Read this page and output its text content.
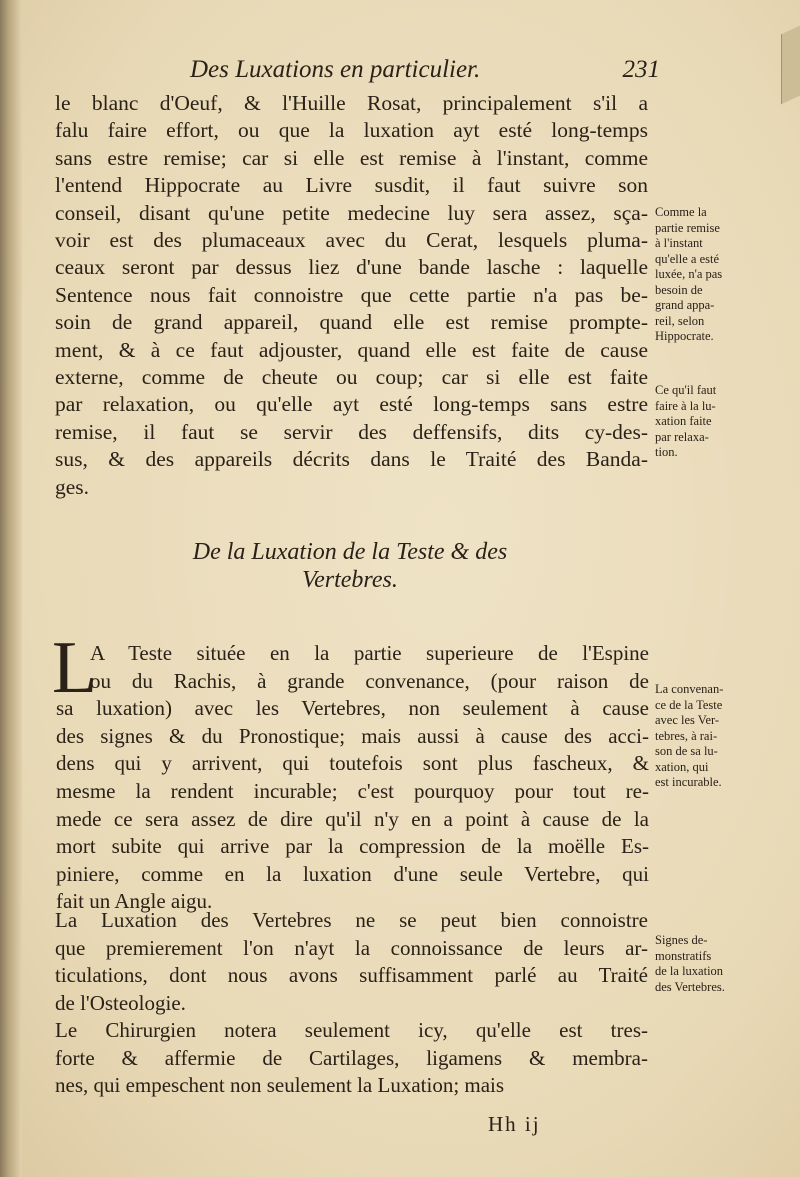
Des Luxations en particulier.	231
le blanc d'Oeuf, & l'Huille Rosat, principalement s'il a
falu faire effort, ou que la luxation ayt esté long-temps
sans estre remise; car si elle est remise à l'instant, comme
l'entend Hippocrate au Livre susdit, il faut suivre son
conseil, disant qu'une petite medecine luy sera assez, sça-
voir est des plumaceaux avec du Cerat, lesquels pluma-
ceaux seront par dessus liez d'une bande lasche : laquelle
Sentence nous fait connoistre que cette partie n'a pas be-
soin de grand appareil, quand elle est remise prompte-
ment, & à ce faut adjouster, quand elle est faite de cause
externe, comme de cheute ou coup; car si elle est faite
par relaxation, ou qu'elle ayt esté long-temps sans estre
remise, il faut se servir des deffensifs, dits cy-des-
sus, & des appareils décrits dans le Traité des Banda-
ges.
De la Luxation de la Teste & des
Vertebres.
L
A Teste située en la partie superieure de l'Espine
ou du Rachis, à grande convenance, (pour raison de
sa luxation) avec les Vertebres, non seulement à cause
des signes & du Pronostique; mais aussi à cause des acci-
dens qui y arrivent, qui toutefois sont plus fascheux, &
mesme la rendent incurable; c'est pourquoy pour tout re-
mede ce sera assez de dire qu'il n'y en a point à cause de la
mort subite qui arrive par la compression de la moëlle Es-
piniere, comme en la luxation d'une seule Vertebre, qui
fait un Angle aigu.
La Luxation des Vertebres ne se peut bien connoistre
que premierement l'on n'ayt la connoissance de leurs ar-
ticulations, dont nous avons suffisamment parlé au Traité
de l'Osteologie.
Le Chirurgien notera seulement icy, qu'elle est tres-
forte & affermie de Cartilages, ligamens & membra-
nes, qui empeschent non seulement la Luxation; mais
Comme la
partie remise
à l'instant
qu'elle a esté
luxée, n'a pas
besoin de
grand appa-
reil, selon
Hippocrate.
Ce qu'il faut
faire à la lu-
xation faite
par relaxa-
tion.
La convenan-
ce de la Teste
avec les Ver-
tebres, à rai-
son de sa lu-
xation, qui
est incurable.
Signes de-
monstratifs
de la luxation
des Vertebres.
Hh ij
